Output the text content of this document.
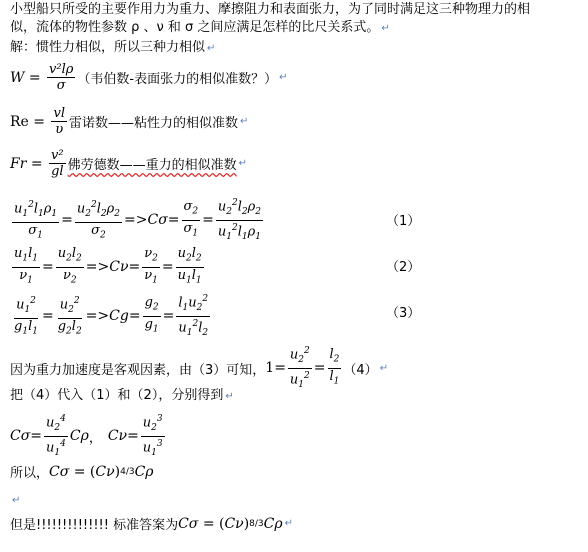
小型船只所受的主要作用力为重力、摩擦阻力和表面张力，为了同时满足这三种物理力的相
似，流体的物性参数 ρ 、ν 和 σ 之间应满足怎样的比尺关系式。 ↵
解：惯性力相似，所以三种力相似 ↵
$W = \frac{\text{v²lρ}}{\sigma}$ （韦伯数-表面张力的相似准数？） ↵
$Re = \frac{vl}{\upsilon}$ 雷诺数——粘性力的相似准数 ↵
$Fr = \frac{\text{v²}}{gl}$ 佛劳德数——重力的相似准数 ↵
$\frac{u_1^2l_1\rho_1}{\sigma_1} = \frac{u_2^2l_2\rho_2}{\sigma_2} => C\sigma = \frac{\sigma_2}{\sigma_1} = \frac{u_2^2l_2\rho_2}{u_1^2l_1\rho_1}$	（1）
$\frac{u_1l_1}{\nu_1} = \frac{u_2l_2}{\nu_2} => C\nu = \frac{\nu_2}{\nu_1} = \frac{u_2l_2}{u_1l_1}$	（2）
$\frac{u_1^2}{g_1l_1} = \frac{u_2^2}{g_2l_2} => Cg = \frac{g_2}{g_1} = \frac{l_1u_2^2}{u_1^2l_2}$	（3）
因为重力加速度是客观因素，由（3）可知， $1= \frac{u_2^2}{u_1^2} = \frac{l_2}{l_1} (4)$ ↵
把（4）代入（1）和（2），分别得到 ↵
$C\sigma = \frac{u_2^4}{u_1^4}$ Cρ ， $C\nu = \frac{u_2^3}{u_1^3}$
所以， Cσ = ( Cν ) 4/3 Cρ
↵
但是!!!!!!!!!!!!!! 标准答案为 Cσ = ( Cν ) 8/3 Cρ ↵
